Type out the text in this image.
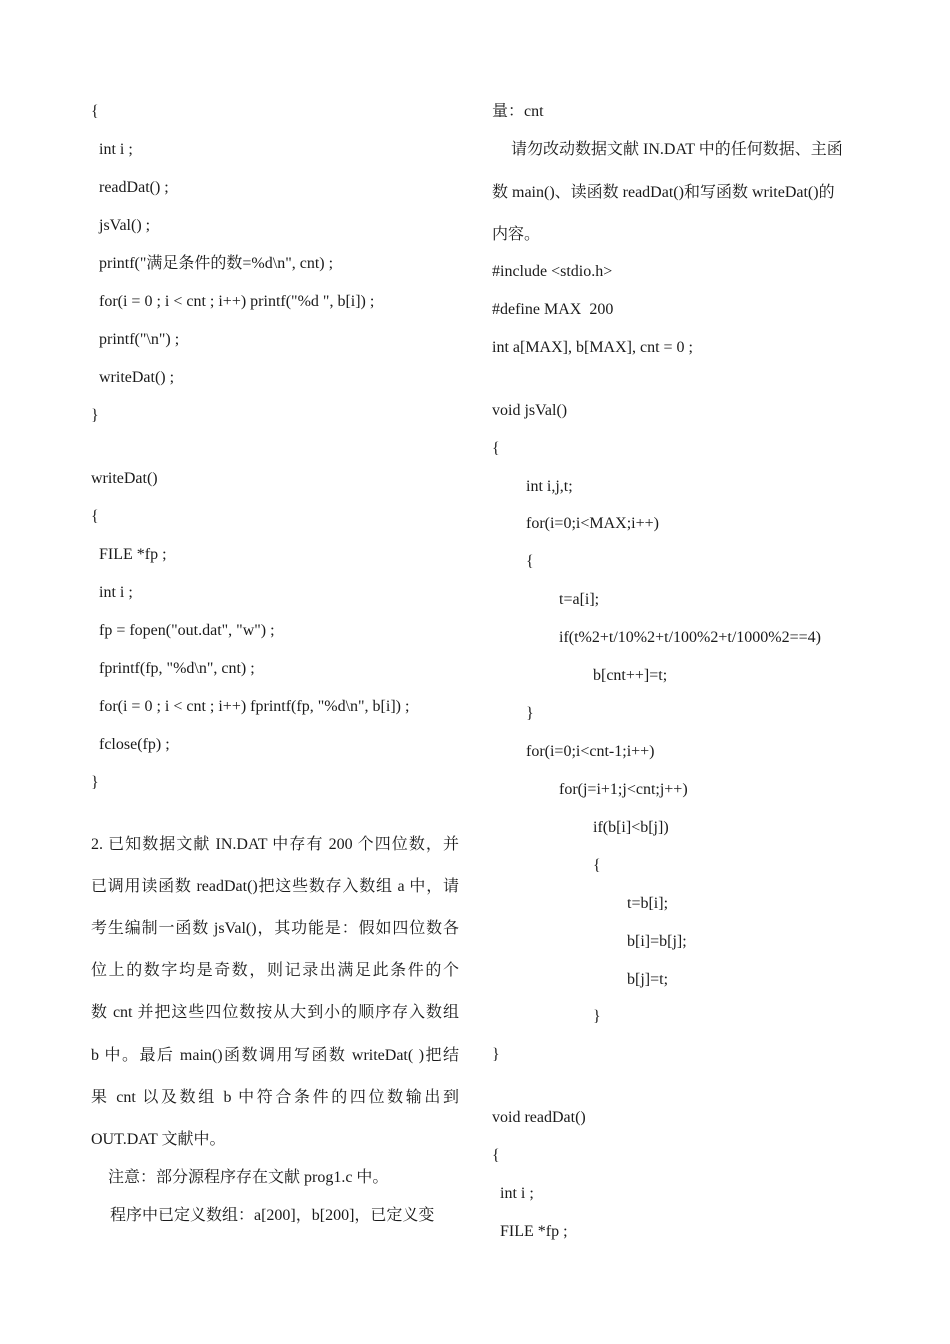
{
int i ;
readDat() ;
jsVal() ;
printf("满足条件的数=%d\n", cnt) ;
for(i = 0 ; i < cnt ; i++) printf("%d ", b[i]) ;
printf("\n") ;
writeDat() ;
}
writeDat()
{
FILE *fp ;
int i ;
fp = fopen("out.dat", "w") ;
fprintf(fp, "%d\n", cnt) ;
for(i = 0 ; i < cnt ; i++) fprintf(fp, "%d\n", b[i]) ;
fclose(fp) ;
}
2. 已知数据文献 IN.DAT 中存有 200 个四位数，并
已调用读函数 readDat()把这些数存入数组 a 中，请
考生编制一函数 jsVal()，其功能是：假如四位数各
位上的数字均是奇数，则记录出满足此条件的个
数 cnt 并把这些四位数按从大到小的顺序存入数组
b 中。最后 main()函数调用写函数 writeDat( )把结
果 cnt 以及数组 b 中符合条件的四位数输出到
OUT.DAT 文献中。
注意：部分源程序存在文献 prog1.c 中。
程序中已定义数组：a[200]，b[200]，已定义变
量：cnt
请勿改动数据文献 IN.DAT 中的任何数据、主函
数 main()、读函数 readDat()和写函数 writeDat()的
内容。
#include <stdio.h>
#define MAX  200
int a[MAX], b[MAX], cnt = 0 ;
void jsVal()
{
int i,j,t;
for(i=0;i<MAX;i++)
{
t=a[i];
if(t%2+t/10%2+t/100%2+t/1000%2==4)
b[cnt++]=t;
}
for(i=0;i<cnt-1;i++)
for(j=i+1;j<cnt;j++)
if(b[i]<b[j])
{
t=b[i];
b[i]=b[j];
b[j]=t;
}
}
void readDat()
{
int i ;
FILE *fp ;
